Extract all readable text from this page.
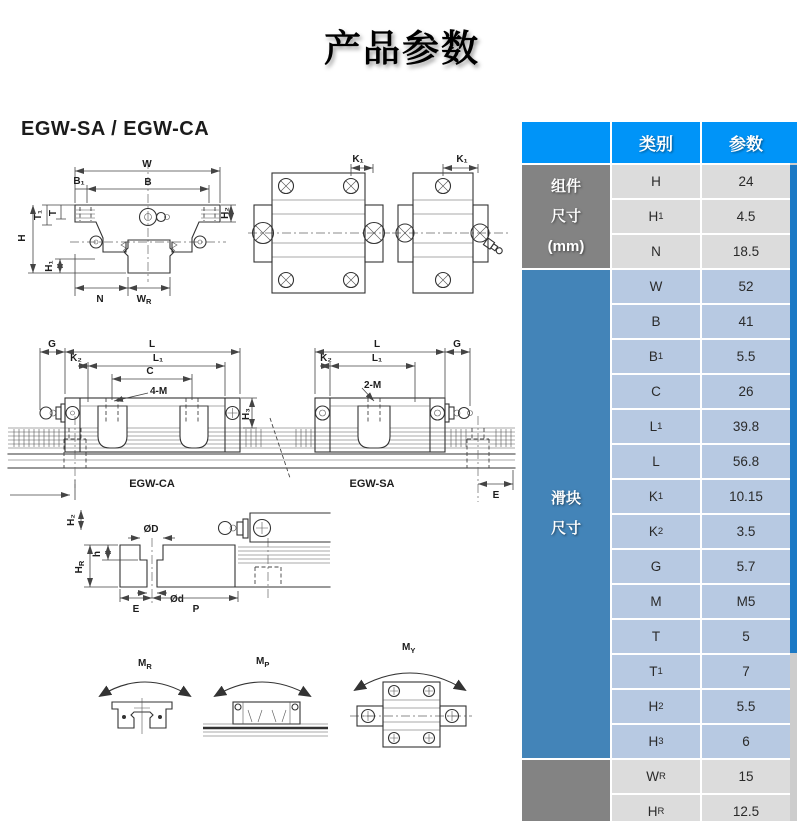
产品参数
EGW-SA / EGW-CA
W
B
B₁
T₁ T
H
H₁
H₂
N	$W_R$
K₁	K₁
E
G	L
K₂	L₁
C
4-M
H₃
EGW-CA
L	G
K₂	L₁
2-M
EGW-SA
H₂
ØD
h
$H_R$
Ød
E	P
$M_R$	$M_P$
$M_Y$
类别	参数
组件
尺寸
(mm)
滑块
尺寸
H	24
H 1	4.5
N	18.5
W	52
B	41
B 1	5.5
C	26
L 1	39.8
L	56.8
K 1	10.15
K 2	3.5
G	5.7
M	M5
T	5
T 1	7
H 2	5.5
H 3	6
W R	15
H R	12.5
